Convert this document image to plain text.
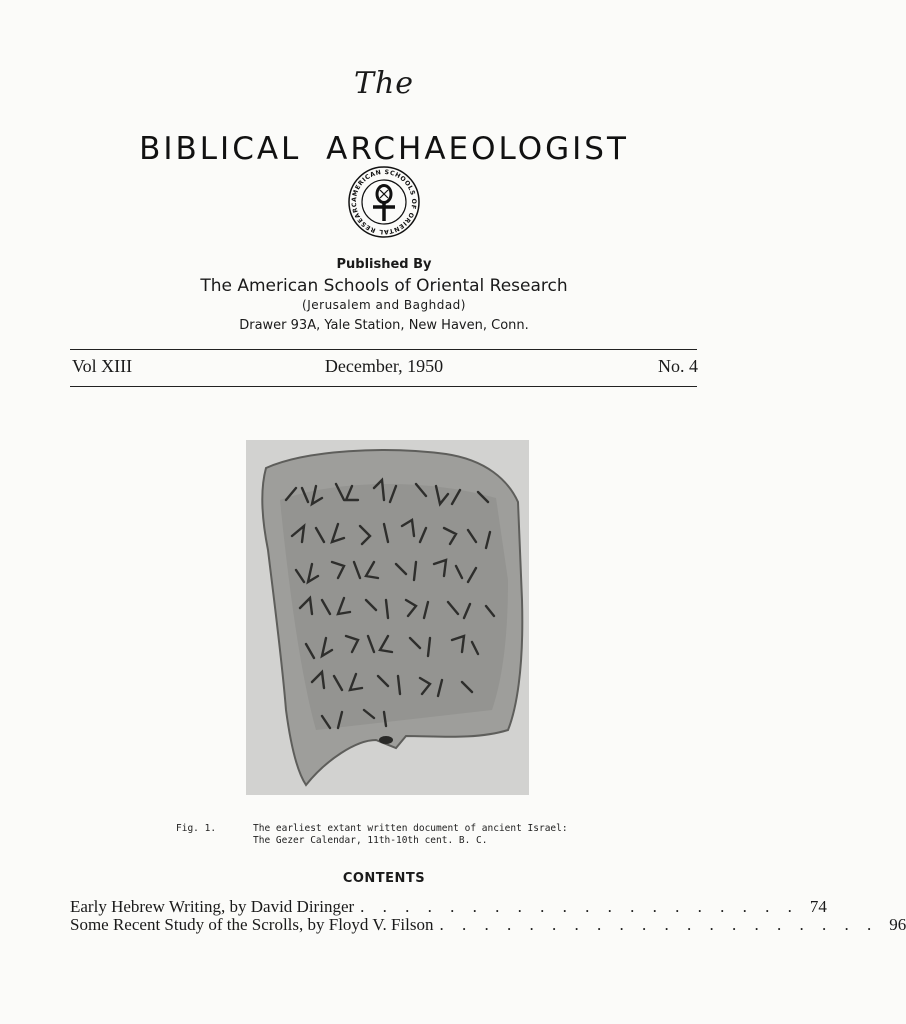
The
BIBLICAL ARCHAEOLOGIST
AMERICAN SCHOOLS OF ORIENTAL RESEARC
Published By
The American Schools of Oriental Research
(Jerusalem and Baghdad)
Drawer 93A, Yale Station, New Haven, Conn.
Vol XIII	December, 1950	No. 4
Fig. 1.	The earliest extant written document of ancient Israel:
The Gezer Calendar, 11th-10th cent. B. C.
CONTENTS
Early Hebrew Writing, by David Diringer . . . . . . . . . . . . . . . . . . . . 74
Some Recent Study of the Scrolls, by Floyd V. Filson . . . . . . . . . . . . . . . . . . . . 96
